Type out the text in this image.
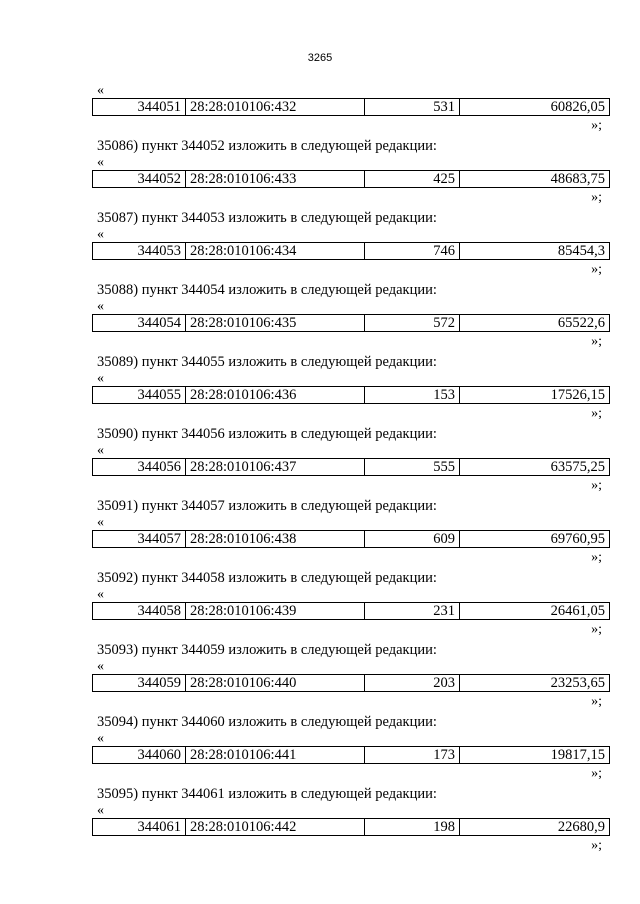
3265
«
344051	28:28:010106:432	531	60826,05
»;
35086) пункт 344052 изложить в следующей редакции:
«
344052	28:28:010106:433	425	48683,75
»;
35087) пункт 344053 изложить в следующей редакции:
«
344053	28:28:010106:434	746	85454,3
»;
35088) пункт 344054 изложить в следующей редакции:
«
344054	28:28:010106:435	572	65522,6
»;
35089) пункт 344055 изложить в следующей редакции:
«
344055	28:28:010106:436	153	17526,15
»;
35090) пункт 344056 изложить в следующей редакции:
«
344056	28:28:010106:437	555	63575,25
»;
35091) пункт 344057 изложить в следующей редакции:
«
344057	28:28:010106:438	609	69760,95
»;
35092) пункт 344058 изложить в следующей редакции:
«
344058	28:28:010106:439	231	26461,05
»;
35093) пункт 344059 изложить в следующей редакции:
«
344059	28:28:010106:440	203	23253,65
»;
35094) пункт 344060 изложить в следующей редакции:
«
344060	28:28:010106:441	173	19817,15
»;
35095) пункт 344061 изложить в следующей редакции:
«
344061	28:28:010106:442	198	22680,9
»;
